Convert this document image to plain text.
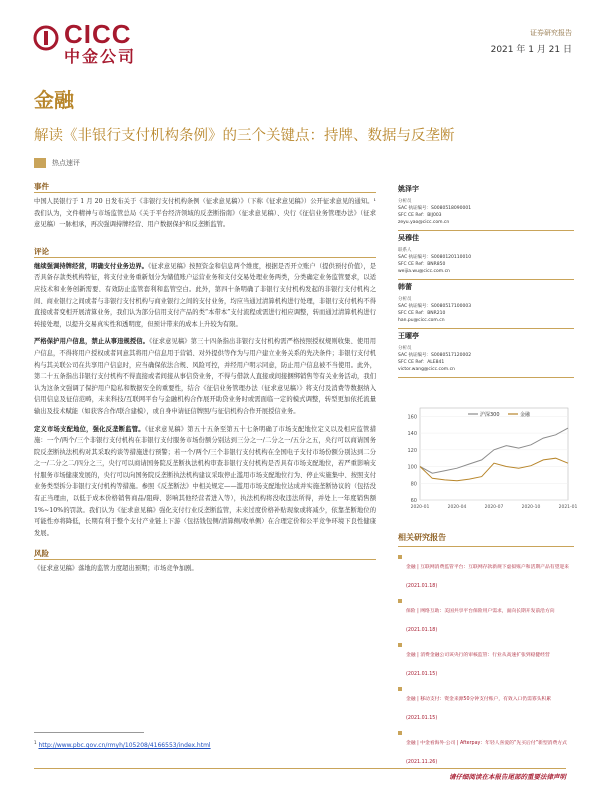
CICC
中金公司
证券研究报告
2021 年 1 月 21 日
金融
解读《非银行支付机构条例》的三个关键点：持牌、数据与反垄断
热点速评
事件

中国人民银行于 1 月 20 日发布关于《非银行支付机构条例（征求意见稿）》（下称《征求意见稿》）公开征求意见的通知。¹我们认为，文件精神与市场监管总局《关于平台经济领域的反垄断指南》（征求意见稿）、央行《征信业务管理办法》（征求意见稿）一脉相承，再次强调持牌经营、用户数据保护和反垄断监管。

评论

继续强调持牌经营，明确支付业务边界。《征求意见稿》按照资金和信息两个维度，根据是否开立账户（提供预付价值），是否具备存款类机构特征，将支付业务重新划分为储值账户运营业务和支付交易处理业务两类，分类确定业务监管要求，以适应技术和业务创新需要、有效防止监管套利和监管空白。此外，第四十条明确了非银行支付机构发起的非银行支付机构之间、商业银行之间或者与非银行支付机构与商业银行之间的支付业务，均应当通过清算机构进行处理，非银行支付机构不得直接或者变相开展清算业务，我们认为部分信用支付产品的类“本带本”支付流程或需进行相应调整，转而通过清算机构进行转接处理，以提升交易真实性和透明度，但预计带来的成本上升较为有限。

严格保护用户信息，禁止从事违规授信。《征求意见稿》第三十四条指出非银行支付机构需严格按照授权规则收集、使用用户信息，不得将用户授权或者同意其将用户信息用于营销、对外提供等作为与用户建立业务关系的先决条件；非银行支付机构与其关联公司在共享用户信息时，应当确保依法合规、风险可控，并经用户明示同意，防止用户信息被不当使用。此外，第二十五条指出非银行支付机构不得直接或者间接从事信贷业务，不得与借款人直接或间接捆绑销售等有关业务活动，我们认为这条文强调了保护用户隐私和数据安全的重要性，结合《征信业务管理办法（征求意见稿）》将支付及消费等数据纳入信用信息及征信范畴，未来科技/互联网平台与金融机构合作展开助贷业务时或需面临一定的模式调整，转型更加依托流量输出及技术赋能（如获客合作/联合建模），或自身申请征信牌照/与征信机构合作开展授信业务。

定义市场支配地位，强化反垄断监管。《征求意见稿》第五十五条至第五十七条明确了市场支配地位定义以及相应监管措施：一个/两个/三个非银行支付机构在非银行支付服务市场份额分别达到三分之一/二分之一/五分之五，央行可以商请国务院反垄断执法机构对其采取约谈等措施进行预警；若一个/两个/三个非银行支付机构在全国电子支付市场份额分别达到二分之一/二分之二/四分之三，央行可以商请国务院反垄断执法机构审查非银行支付机构是否具有市场支配地位，若严重影响支付服务市场健康发展的，央行可以向国务院反垄断执法机构建议采取停止滥用市场支配地位行为、停止实施集中、按照支付业务类型拆分非银行支付机构等措施。参照《反垄断法》中相关规定——滥用市场支配地位达成并实施垄断协议的（包括没有正当理由，以低于成本价格销售商品/阻碍、影响其他经营者进入等），执法机构将没收违法所得，并处上一年度销售额 1%~10%的罚款。我们认为《征求意见稿》强化支付行业反垄断监管，未来过度价格补贴现象或将减少，依靠垄断地位的可能性亦将降低，长期有利于整个支付产业链上下游（包括钱包侧/清算侧/收单侧）在合理定价和公平竞争环境下良性健康发展。

风险

《征求意见稿》落地的监管力度超出预期；市场竞争加剧。

姚泽宇
分析员
SAC 执证编号：S0080518090001
SFC CE Ref：BIJ003
zeyu.yao@cicc.com.cn
吴穆佳
联系人
SAC 执证编号：S0080120110010
SFC CE Ref：BNR850
weijia.wu@cicc.com.cn
韩蕾
分析员
SAC 执证编号：S0080517100003
SFC CE Ref：BNR210
han.pu@cicc.com.cn
王曜亭
分析员
SAC 执证编号：S0080517120002
SFC CE Ref：ALE841
victor.wang@cicc.com.cn
60
80
100
120
140
160
2020-01	2020-04	2020-07	2020-10	2021-01
沪深300	金融
相关研究报告
金融 | 互联网消费监管平台：互联网存款新规下虚拟账户和活期产品有望迎来 (2021.01.18)
保险 | 网络互助：美国共享平台保险用户需求，面向长期开发前沿方向 (2021.01.18)
金融 | 消费金融公司该央行的审核监管：行业从高速扩张到稳健经营 (2021.01.15)
金融 | 移动支付：资金来源50分钟支付账户，有效入口仍需寡头积累 (2021.01.15)
金融 | 中金看海外·公司 | Afterpay：年轻人喜爱的“先买后付”新型消费方式 (2021.11.26)
$^1$ http://www.pbc.gov.cn/rmyh/105208/4166553/index.html
请仔细阅读在本报告尾部的重要法律声明
